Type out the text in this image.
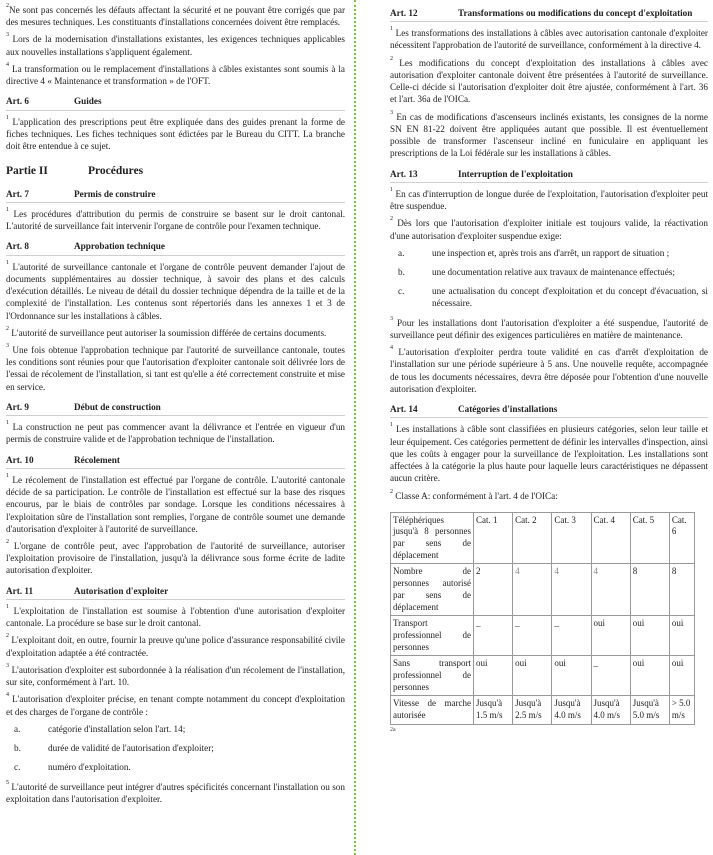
$^2$Ne sont pas concernés les défauts affectant la sécurité et ne pouvant être corrigés que par des mesures techniques. Les constituants d'installations concernées doivent être remplacés.

$^3$ Lors de la modernisation d'installations existantes, les exigences techniques applicables aux nouvelles installations s'appliquent également.

$^4$ La transformation ou le remplacement d'installations à câbles existantes sont soumis à la directive 4 « Maintenance et transformation » de l'OFT.

Art. 6	Guides

$^1$ L'application des prescriptions peut être expliquée dans des guides prenant la forme de fiches techniques. Les fiches techniques sont édictées par le Bureau du CITT. La branche doit être entendue à ce sujet.

Partie II	Procédures
Art. 7	Permis de construire

$^1$ Les procédures d'attribution du permis de construire se basent sur le droit cantonal. L'autorité de surveillance fait intervenir l'organe de contrôle pour l'examen technique.

Art. 8	Approbation technique

$^1$ L'autorité de surveillance cantonale et l'organe de contrôle peuvent demander l'ajout de documents supplémentaires au dossier technique, à savoir des plans et des calculs d'exécution détaillés. Le niveau de détail du dossier technique dépendra de la taille et de la complexité de l'installation. Les contenus sont répertoriés dans les annexes 1 et 3 de l'Ordonnance sur les installations à câbles.

$^2$ L'autorité de surveillance peut autoriser la soumission différée de certains documents.

$^3$ Une fois obtenue l'approbation technique par l'autorité de surveillance cantonale, toutes les conditions sont réunies pour que l'autorisation d'exploiter cantonale soit délivrée lors de l'essai de récolement de l'installation, si tant est qu'elle a été correctement construite et mise en service.

Art. 9	Début de construction

$^1$ La construction ne peut pas commencer avant la délivrance et l'entrée en vigueur d'un permis de construire valide et de l'approbation technique de l'installation.

Art. 10	Récolement

$^1$ Le récolement de l'installation est effectué par l'organe de contrôle. L'autorité cantonale décide de sa participation. Le contrôle de l'installation est effectué sur la base des risques encourus, par le biais de contrôles par sondage. Lorsque les conditions nécessaires à l'exploitation sûre de l'installation sont remplies, l'organe de contrôle soumet une demande d'autorisation d'exploiter à l'autorité de surveillance.

$^2$ L'organe de contrôle peut, avec l'approbation de l'autorité de surveillance, autoriser l'exploitation provisoire de l'installation, jusqu'à la délivrance sous forme écrite de ladite autorisation d'exploiter.

Art. 11	Autorisation d'exploiter

$^1$ L'exploitation de l'installation est soumise à l'obtention d'une autorisation d'exploiter cantonale. La procédure se base sur le droit cantonal.

$^2$ L'exploitant doit, en outre, fournir la preuve qu'une police d'assurance responsabilité civile d'exploitation adaptée a été contractée.

$^3$ L'autorisation d'exploiter est subordonnée à la réalisation d'un récolement de l'installation, sur site, conformément à l'art. 10.

$^4$ L'autorisation d'exploiter précise, en tenant compte notamment du concept d'exploitation et des charges de l'organe de contrôle :

a.	catégorie d'installation selon l'art. 14;
b.	durée de validité de l'autorisation d'exploiter;
c.	numéro d'exploitation.

$^5$ L'autorité de surveillance peut intégrer d'autres spécificités concernant l'installation ou son exploitation dans l'autorisation d'exploiter.

Art. 12	Transformations ou modifications du concept d'exploitation

$^1$ Les transformations des installations à câbles avec autorisation cantonale d'exploiter nécessitent l'approbation de l'autorité de surveillance, conformément à la directive 4.

$^2$ Les modifications du concept d'exploitation des installations à câbles avec autorisation d'exploiter cantonale doivent être présentées à l'autorité de surveillance. Celle-ci décide si l'autorisation d'exploiter doit être ajustée, conformément à l'art. 36 et l'art. 36a de l'OICa.

$^3$ En cas de modifications d'ascenseurs inclinés existants, les consignes de la norme SN EN 81-22 doivent être appliquées autant que possible. Il est éventuellement possible de transformer l'ascenseur incliné en funiculaire en appliquant les prescriptions de la Loi fédérale sur les installations à câbles.

Art. 13	Interruption de l'exploitation

$^1$ En cas d'interruption de longue durée de l'exploitation, l'autorisation d'exploiter peut être suspendue.

$^2$ Dès lors que l'autorisation d'exploiter initiale est toujours valide, la réactivation d'une autorisation d'exploiter suspendue exige:

a.	une inspection et, après trois ans d'arrêt, un rapport de situation ;
b.	une documentation relative aux travaux de maintenance effectués;
c.	une actualisation du concept d'exploitation et du concept d'évacuation, si nécessaire.

$^3$ Pour les installations dont l'autorisation d'exploiter a été suspendue, l'autorité de surveillance peut définir des exigences particulières en matière de maintenance.

$^4$ L'autorisation d'exploiter perdra toute validité en cas d'arrêt d'exploitation de l'installation sur une période supérieure à 5 ans. Une nouvelle requête, accompagnée de tous les documents nécessaires, devra être déposée pour l'obtention d'une nouvelle autorisation d'exploiter.

Art. 14	Catégories d'installations

$^1$ Les installations à câble sont classifiées en plusieurs catégories, selon leur taille et leur équipement. Ces catégories permettent de définir les intervalles d'inspection, ainsi que les coûts à engager pour la surveillance de l'exploitation. Les installations sont affectées à la catégorie la plus haute pour laquelle leurs caractéristiques ne dépassent aucun critère.

$^2$ Classe A: conformément à l'art. 4 de l'OICa:

Téléphériques jusqu'à 8 personnes par sens de déplacement	Cat. 1	Cat. 2	Cat. 3	Cat. 4	Cat. 5	Cat. 6
Nombre de personnes autorisé par sens de déplacement	2	4	4	4	8	8
Transport professionnel de personnes	_	_	_	oui	oui	oui
Sans transport professionnel de personnes	oui	oui	oui	_	oui	oui
Vitesse de marche autorisée	Jusqu'à 1.5 m/s	Jusqu'à 2.5 m/s	Jusqu'à 4.0 m/s	Jusqu'à 4.0 m/s	Jusqu'à 5.0 m/s	> 5.0 m/s
2a
